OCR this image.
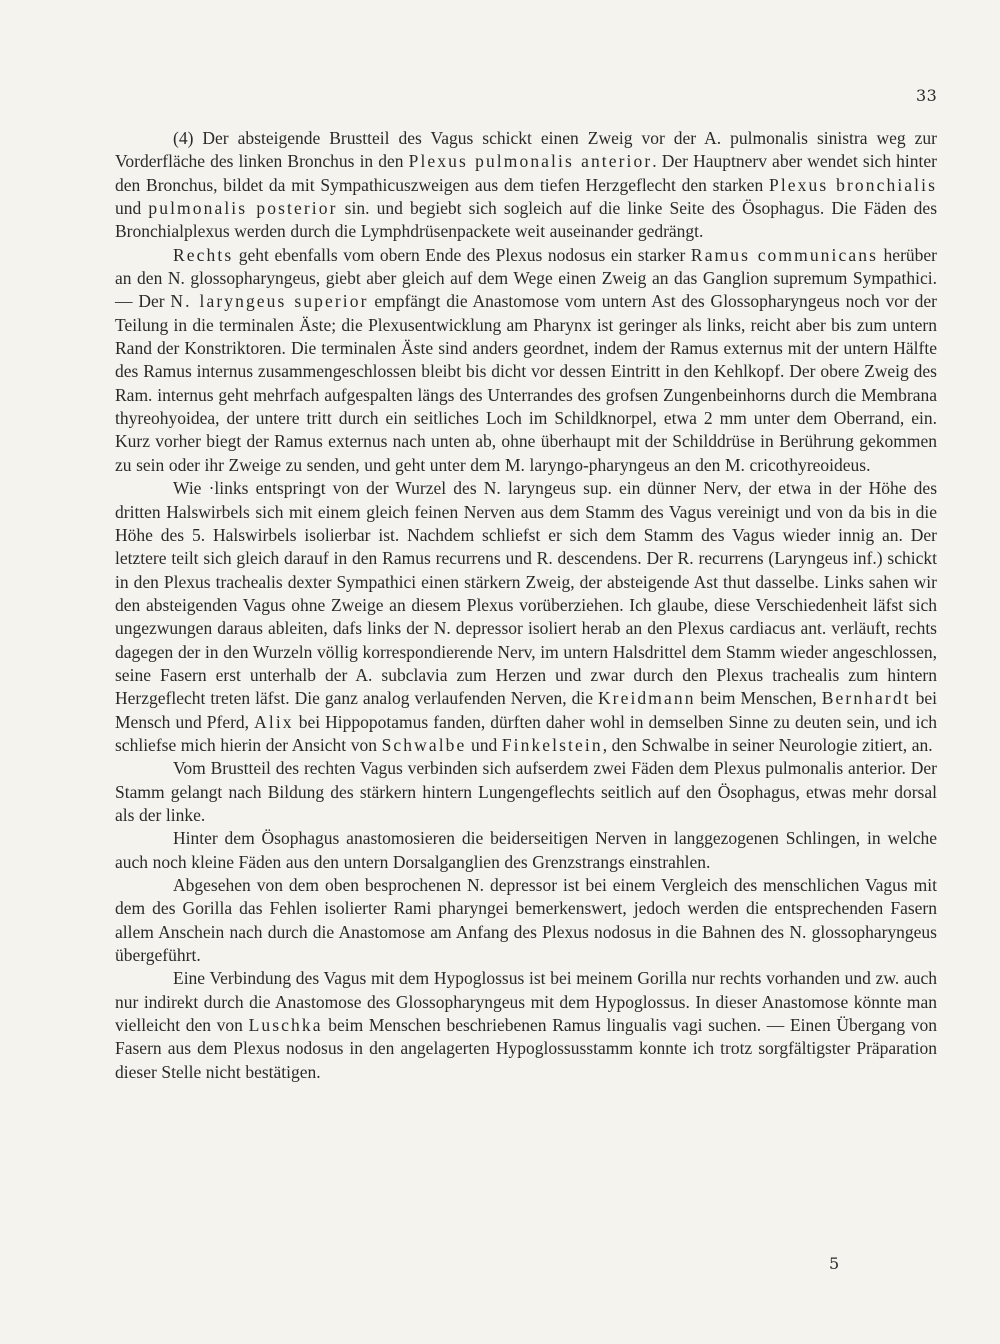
33

(4) Der absteigende Brustteil des Vagus schickt einen Zweig vor der A. pulmonalis sinistra weg zur Vorderfläche des linken Bronchus in den Plexus pulmonalis anterior. Der Hauptnerv aber wendet sich hinter den Bronchus, bildet da mit Sympathicuszweigen aus dem tiefen Herzgeflecht den starken Plexus bronchialis und pulmonalis posterior sin. und begiebt sich sogleich auf die linke Seite des Ösophagus. Die Fäden des Bronchialplexus werden durch die Lymphdrüsenpackete weit auseinander gedrängt.

Rechts geht ebenfalls vom obern Ende des Plexus nodosus ein starker Ramus communicans herüber an den N. glossopharyngeus, giebt aber gleich auf dem Wege einen Zweig an das Ganglion supremum Sympathici. — Der N. laryngeus superior empfängt die Anastomose vom untern Ast des Glossopharyngeus noch vor der Teilung in die terminalen Äste; die Plexusentwicklung am Pharynx ist geringer als links, reicht aber bis zum untern Rand der Konstriktoren. Die terminalen Äste sind anders geordnet, indem der Ramus externus mit der untern Hälfte des Ramus internus zusammengeschlossen bleibt bis dicht vor dessen Eintritt in den Kehlkopf. Der obere Zweig des Ram. internus geht mehrfach aufgespalten längs des Unterrandes des grofsen Zungenbeinhorns durch die Membrana thyreohyoidea, der untere tritt durch ein seitliches Loch im Schildknorpel, etwa 2 mm unter dem Oberrand, ein. Kurz vorher biegt der Ramus externus nach unten ab, ohne überhaupt mit der Schilddrüse in Berührung gekommen zu sein oder ihr Zweige zu senden, und geht unter dem M. laryngo-pharyngeus an den M. cricothyreoideus.

Wie ·links entspringt von der Wurzel des N. laryngeus sup. ein dünner Nerv, der etwa in der Höhe des dritten Halswirbels sich mit einem gleich feinen Nerven aus dem Stamm des Vagus vereinigt und von da bis in die Höhe des 5. Halswirbels isolierbar ist. Nachdem schliefst er sich dem Stamm des Vagus wieder innig an. Der letztere teilt sich gleich darauf in den Ramus recurrens und R. descendens. Der R. recurrens (Laryngeus inf.) schickt in den Plexus trachealis dexter Sympathici einen stärkern Zweig, der absteigende Ast thut dasselbe. Links sahen wir den absteigenden Vagus ohne Zweige an diesem Plexus vorüberziehen. Ich glaube, diese Verschiedenheit läfst sich ungezwungen daraus ableiten, dafs links der N. depressor isoliert herab an den Plexus cardiacus ant. verläuft, rechts dagegen der in den Wurzeln völlig korrespondierende Nerv, im untern Halsdrittel dem Stamm wieder angeschlossen, seine Fasern erst unterhalb der A. subclavia zum Herzen und zwar durch den Plexus trachealis zum hintern Herzgeflecht treten läfst. Die ganz analog verlaufenden Nerven, die Kreidmann beim Menschen, Bernhardt bei Mensch und Pferd, Alix bei Hippopotamus fanden, dürften daher wohl in demselben Sinne zu deuten sein, und ich schliefse mich hierin der Ansicht von Schwalbe und Finkelstein, den Schwalbe in seiner Neurologie zitiert, an.

Vom Brustteil des rechten Vagus verbinden sich aufserdem zwei Fäden dem Plexus pulmonalis anterior. Der Stamm gelangt nach Bildung des stärkern hintern Lungengeflechts seitlich auf den Ösophagus, etwas mehr dorsal als der linke.

Hinter dem Ösophagus anastomosieren die beiderseitigen Nerven in langgezogenen Schlingen, in welche auch noch kleine Fäden aus den untern Dorsalganglien des Grenzstrangs einstrahlen.

Abgesehen von dem oben besprochenen N. depressor ist bei einem Vergleich des menschlichen Vagus mit dem des Gorilla das Fehlen isolierter Rami pharyngei bemerkenswert, jedoch werden die entsprechenden Fasern allem Anschein nach durch die Anastomose am Anfang des Plexus nodosus in die Bahnen des N. glossopharyngeus übergeführt.

Eine Verbindung des Vagus mit dem Hypoglossus ist bei meinem Gorilla nur rechts vorhanden und zw. auch nur indirekt durch die Anastomose des Glossopharyngeus mit dem Hypoglossus. In dieser Anastomose könnte man vielleicht den von Luschka beim Menschen beschriebenen Ramus lingualis vagi suchen. — Einen Übergang von Fasern aus dem Plexus nodosus in den angelagerten Hypoglossusstamm konnte ich trotz sorgfältigster Präparation dieser Stelle nicht bestätigen.

5
